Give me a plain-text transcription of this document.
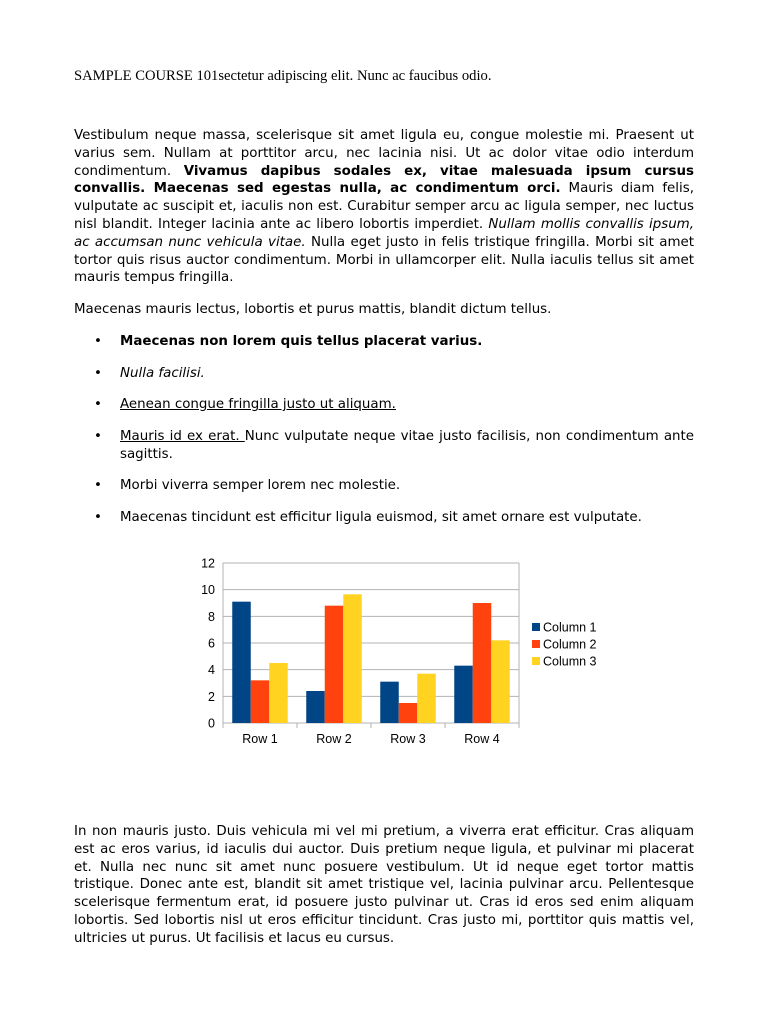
SAMPLE COURSE 101sectetur adipiscing elit. Nunc ac faucibus odio.
Vestibulum neque massa, scelerisque sit amet ligula eu, congue molestie mi. Praesent ut varius sem. Nullam at porttitor arcu, nec lacinia nisi. Ut ac dolor vitae odio interdum condimentum. Vivamus dapibus sodales ex, vitae malesuada ipsum cursus convallis. Maecenas sed egestas nulla, ac condimentum orci. Mauris diam felis, vulputate ac suscipit et, iaculis non est. Curabitur semper arcu ac ligula semper, nec luctus nisl blandit. Integer lacinia ante ac libero lobortis imperdiet. Nullam mollis convallis ipsum, ac accumsan nunc vehicula vitae. Nulla eget justo in felis tristique fringilla. Morbi sit amet tortor quis risus auctor condimentum. Morbi in ullamcorper elit. Nulla iaculis tellus sit amet mauris tempus fringilla.
Maecenas mauris lectus, lobortis et purus mattis, blandit dictum tellus.
• Maecenas non lorem quis tellus placerat varius.
• Nulla facilisi.
• Aenean congue fringilla justo ut aliquam.
• Mauris id ex erat. Nunc vulputate neque vitae justo facilisis, non condimentum ante sagittis.
• Morbi viverra semper lorem nec molestie.
• Maecenas tincidunt est efficitur ligula euismod, sit amet ornare est vulputate.
In non mauris justo. Duis vehicula mi vel mi pretium, a viverra erat efficitur. Cras aliquam est ac eros varius, id iaculis dui auctor. Duis pretium neque ligula, et pulvinar mi placerat et. Nulla nec nunc sit amet nunc posuere vestibulum. Ut id neque eget tortor mattis tristique. Donec ante est, blandit sit amet tristique vel, lacinia pulvinar arcu. Pellentesque scelerisque fermentum erat, id posuere justo pulvinar ut. Cras id eros sed enim aliquam lobortis. Sed lobortis nisl ut eros efficitur tincidunt. Cras justo mi, porttitor quis mattis vel, ultricies ut purus. Ut facilisis et lacus eu cursus.
0
2
4
6
8
10
12
Row 1	Row 2	Row 3	Row 4
Column 1
Column 2
Column 3
